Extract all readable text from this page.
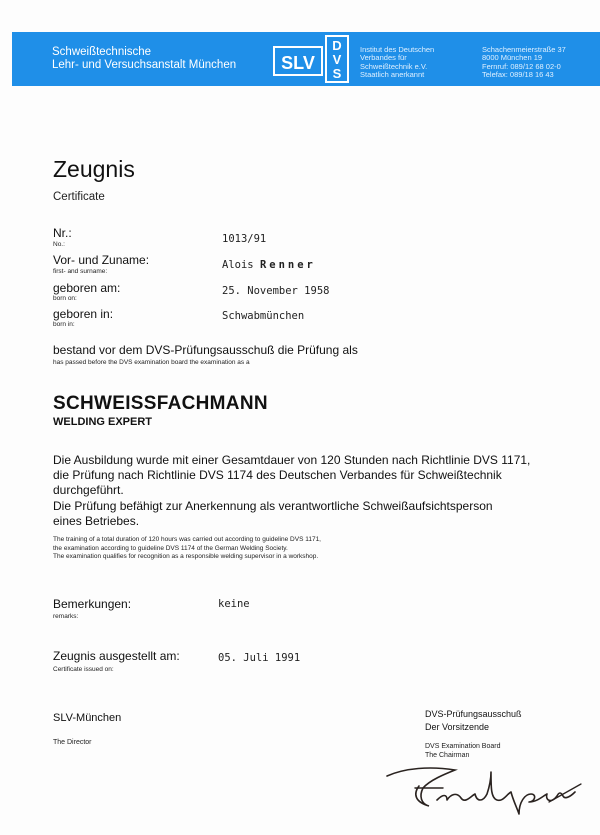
Schweißtechnische
Lehr- und Versuchsanstalt München	SLV
D
V
S
Institut des Deutschen
Verbandes für
Schweißtechnik e.V.
Staatlich anerkannt
Schachenmeierstraße 37
8000 München 19
Fernruf: 089/12 68 02-0
Telefax: 089/18 16 43
Zeugnis
Certificate
Nr.:
No.:	1013/91
Vor- und Zuname:
first- and surname:
Alois Renner
geboren am:
born on:
25. November 1958
geboren in:
born in:
Schwabmünchen
bestand vor dem DVS-Prüfungsausschuß die Prüfung als
has passed before the DVS examination board the examination as a
SCHWEISSFACHMANN
WELDING EXPERT
Die Ausbildung wurde mit einer Gesamtdauer von 120 Stunden nach Richtlinie DVS 1171,
die Prüfung nach Richtlinie DVS 1174 des Deutschen Verbandes für Schweißtechnik
durchgeführt.
Die Prüfung befähigt zur Anerkennung als verantwortliche Schweißaufsichtsperson
eines Betriebes.
The training of a total duration of 120 hours was carried out according to guideline DVS 1171,
the examination according to guideline DVS 1174 of the German Welding Society.
The examination qualifies for recognition as a responsible welding supervisor in a workshop.
Bemerkungen:
remarks:
keine
Zeugnis ausgestellt am:
Certificate issued on:
05. Juli 1991
SLV-München
The Director
DVS-Prüfungsausschuß
Der Vorsitzende
DVS Examination Board
The Chairman
